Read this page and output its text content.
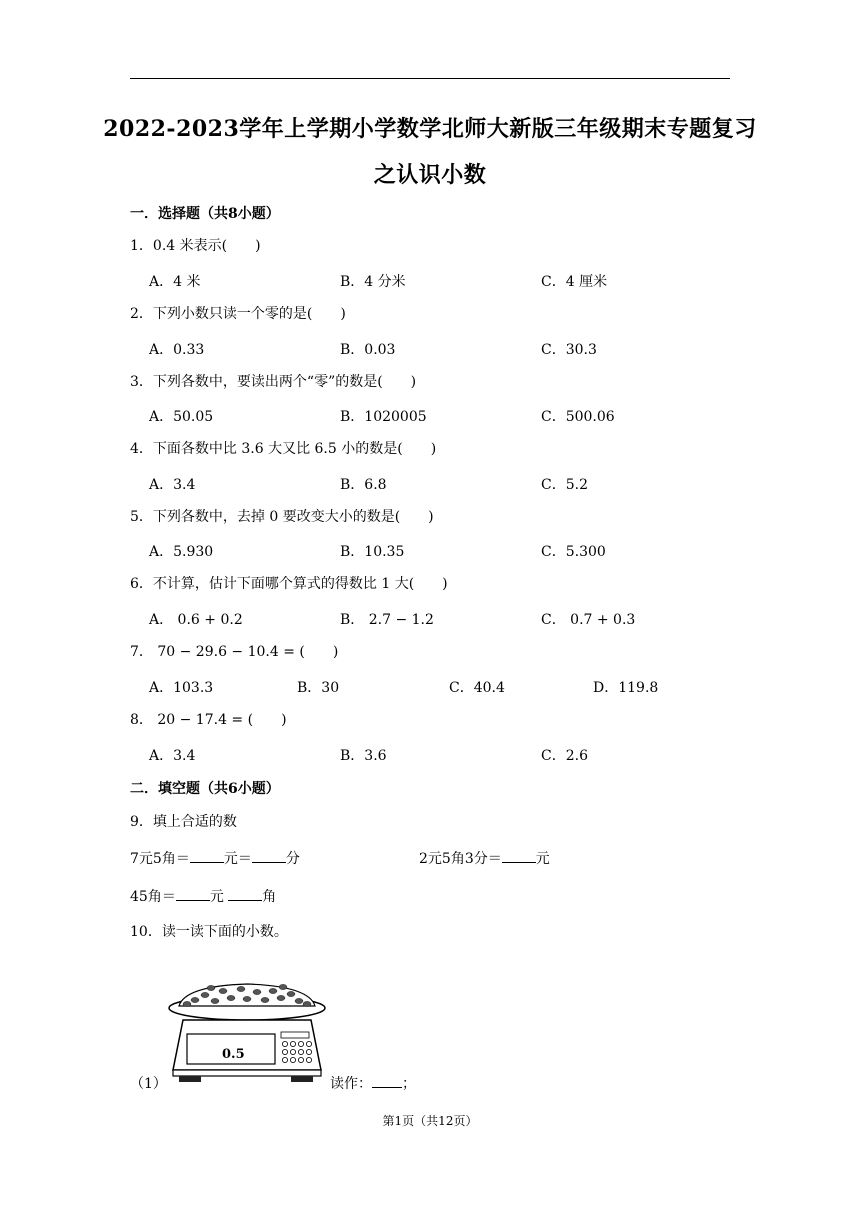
2022-2023学年上学期小学数学北师大新版三年级期末专题复习
之认识小数
一．选择题（共8小题）
1．0.4 米表示(　　)
A．4 米	B．4 分米	C．4 厘米
2．下列小数只读一个零的是(　　)
A．0.33	B．0.03	C．30.3
3．下列各数中，要读出两个“零”的数是(　　)
A．50.05	B．1020005	C．500.06
4．下面各数中比 3.6 大又比 6.5 小的数是(　　)
A．3.4	B．6.8	C．5.2
5．下列各数中，去掉 0 要改变大小的数是(　　)
A．5.930	B．10.35	C．5.300
6．不计算，估计下面哪个算式的得数比 1 大(　　)
A． 0.6 + 0.2	B． 2.7 − 1.2	C． 0.7 + 0.3
7． 70 − 29.6 − 10.4 = (　　)
A．103.3	B．30	C．40.4	D．119.8
8． 20 − 17.4 = (　　)
A．3.4	B．3.6	C．2.6
二．填空题（共6小题）
9．填上合适的数
7元5角＝ 元＝ 分	2元5角3分＝ 元
45角＝ 元	角
10．读一读下面的小数。
0.5
（1）	读作： ；
第1页（共12页）
